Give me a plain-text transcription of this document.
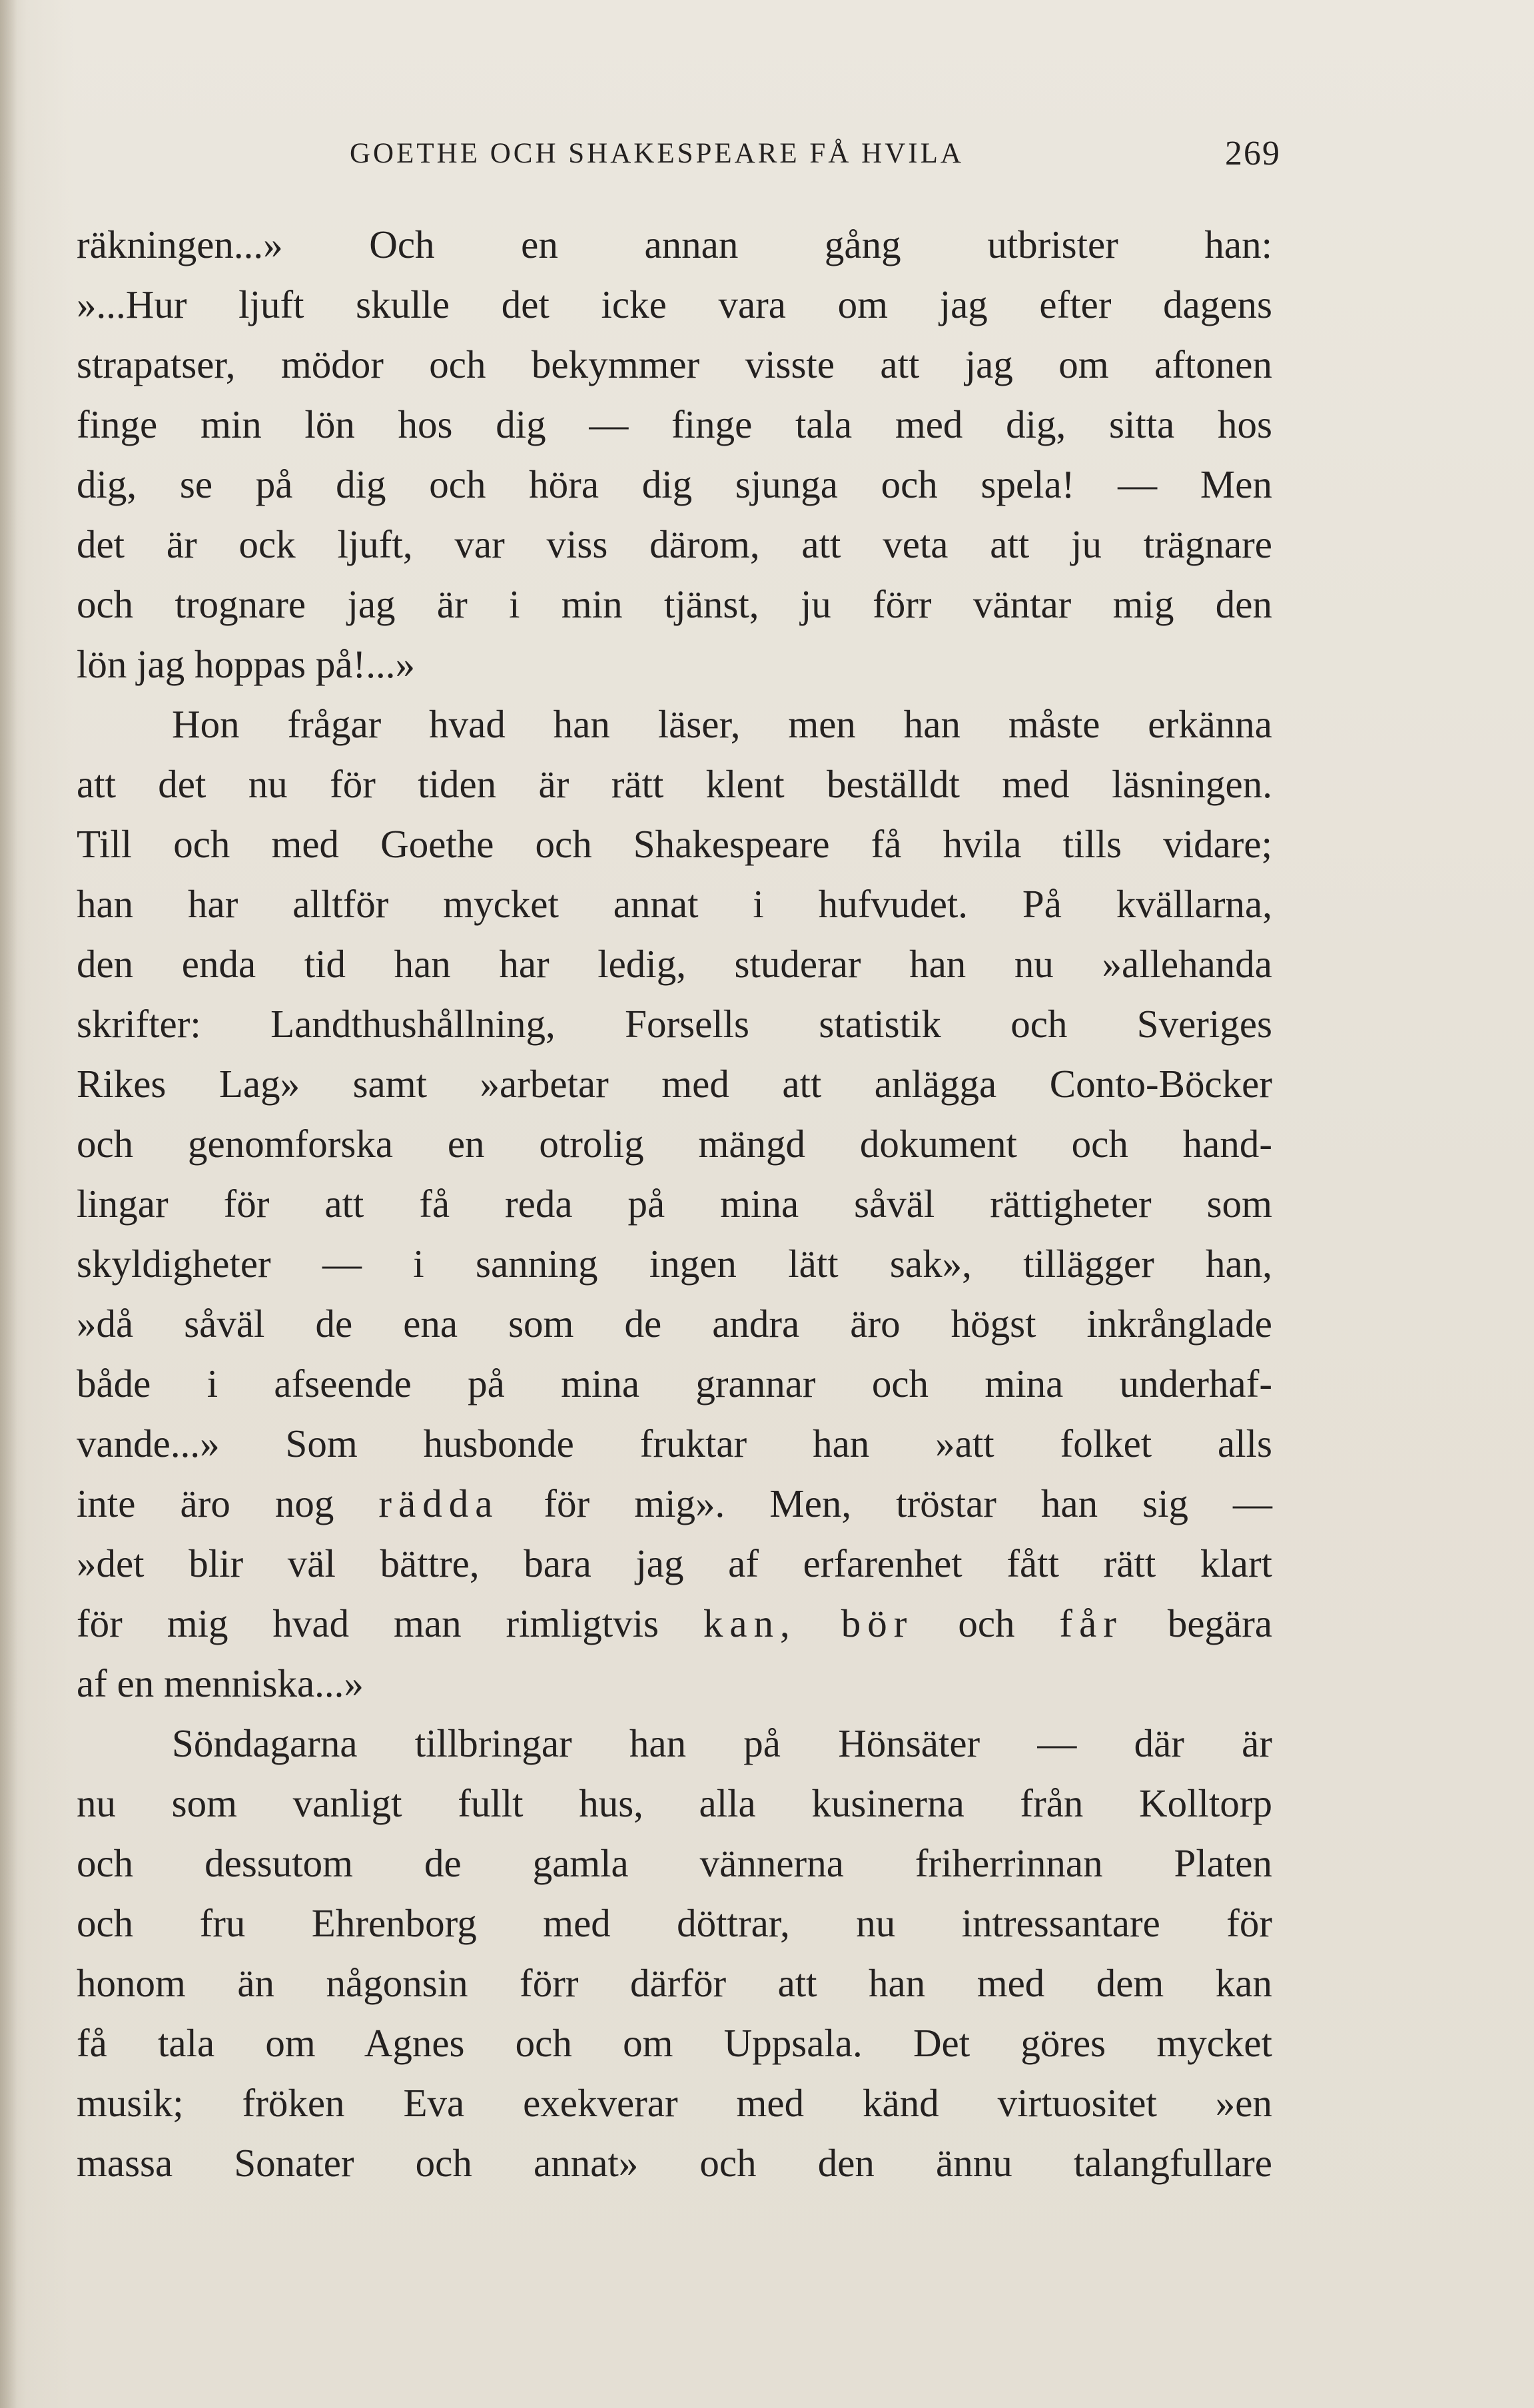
GOETHE OCH SHAKESPEARE FÅ HVILA	269
räkningen...» Och en annan gång utbrister han:
»...Hur ljuft skulle det icke vara om jag efter dagens
strapatser, mödor och bekymmer visste att jag om aftonen
finge min lön hos dig — finge tala med dig, sitta hos
dig, se på dig och höra dig sjunga och spela! — Men
det är ock ljuft, var viss därom, att veta att ju trägnare
och trognare jag är i min tjänst, ju förr väntar mig den
lön jag hoppas på!...»
Hon frågar hvad han läser, men han måste erkänna
att det nu för tiden är rätt klent beställdt med läsningen.
Till och med Goethe och Shakespeare få hvila tills vidare;
han har alltför mycket annat i hufvudet. På kvällarna,
den enda tid han har ledig, studerar han nu »allehanda
skrifter: Landthushållning, Forsells statistik och Sveriges
Rikes Lag» samt »arbetar med att anlägga Conto-Böcker
och genomforska en otrolig mängd dokument och hand-
lingar för att få reda på mina såväl rättigheter som
skyldigheter — i sanning ingen lätt sak», tillägger han,
»då såväl de ena som de andra äro högst inkrånglade
både i afseende på mina grannar och mina underhaf-
vande...» Som husbonde fruktar han »att folket alls
inte äro nog rädda för mig». Men, tröstar han sig —
»det blir väl bättre, bara jag af erfarenhet fått rätt klart
för mig hvad man rimligtvis kan, bör och får begära
af en menniska...»
Söndagarna tillbringar han på Hönsäter — där är
nu som vanligt fullt hus, alla kusinerna från Kolltorp
och dessutom de gamla vännerna friherrinnan Platen
och fru Ehrenborg med döttrar, nu intressantare för
honom än någonsin förr därför att han med dem kan
få tala om Agnes och om Uppsala. Det göres mycket
musik; fröken Eva exekverar med känd virtuositet »en
massa Sonater och annat» och den ännu talangfullare
